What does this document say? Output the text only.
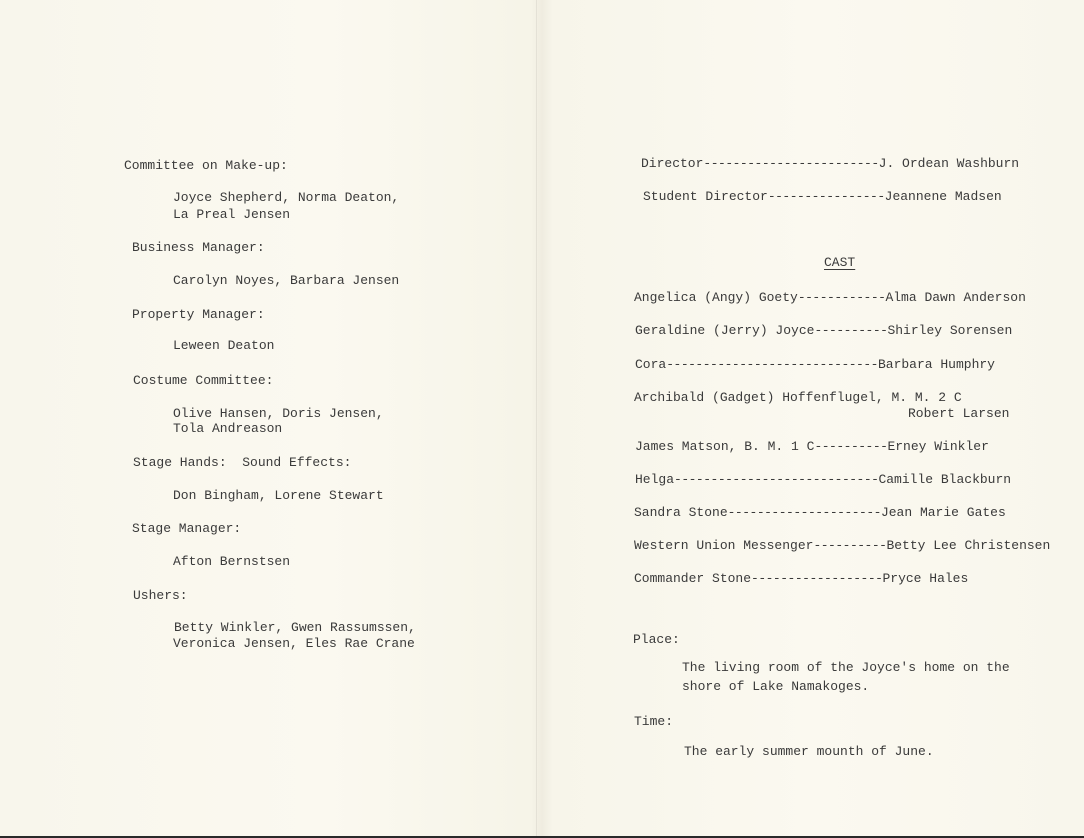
Committee on Make-up:
Joyce Shepherd, Norma Deaton,
La Preal Jensen
Business Manager:
Carolyn Noyes, Barbara Jensen
Property Manager:
Leween Deaton
Costume Committee:
Olive Hansen, Doris Jensen,
Tola Andreason
Stage Hands:  Sound Effects:
Don Bingham, Lorene Stewart
Stage Manager:
Afton Bernstsen
Ushers:
Betty Winkler, Gwen Rassumssen,
Veronica Jensen, Eles Rae Crane
Director ------------------------ J. Ordean Washburn
Student Director ---------------- Jeannene Madsen
CAST
Angelica (Angy) Goety ------------ Alma Dawn Anderson
Geraldine (Jerry) Joyce ---------- Shirley Sorensen
Cora ----------------------------- Barbara Humphry
Archibald (Gadget) Hoffenflugel, M. M. 2 C
Robert Larsen
James Matson, B. M. 1 C ---------- Erney Winkler
Helga ---------------------------- Camille Blackburn
Sandra Stone --------------------- Jean Marie Gates
Western Union Messenger ---------- Betty Lee Christensen
Commander Stone ------------------ Pryce Hales
Place:
The living room of the Joyce's home on the
shore of Lake Namakoges.
Time:
The early summer mounth of June.
